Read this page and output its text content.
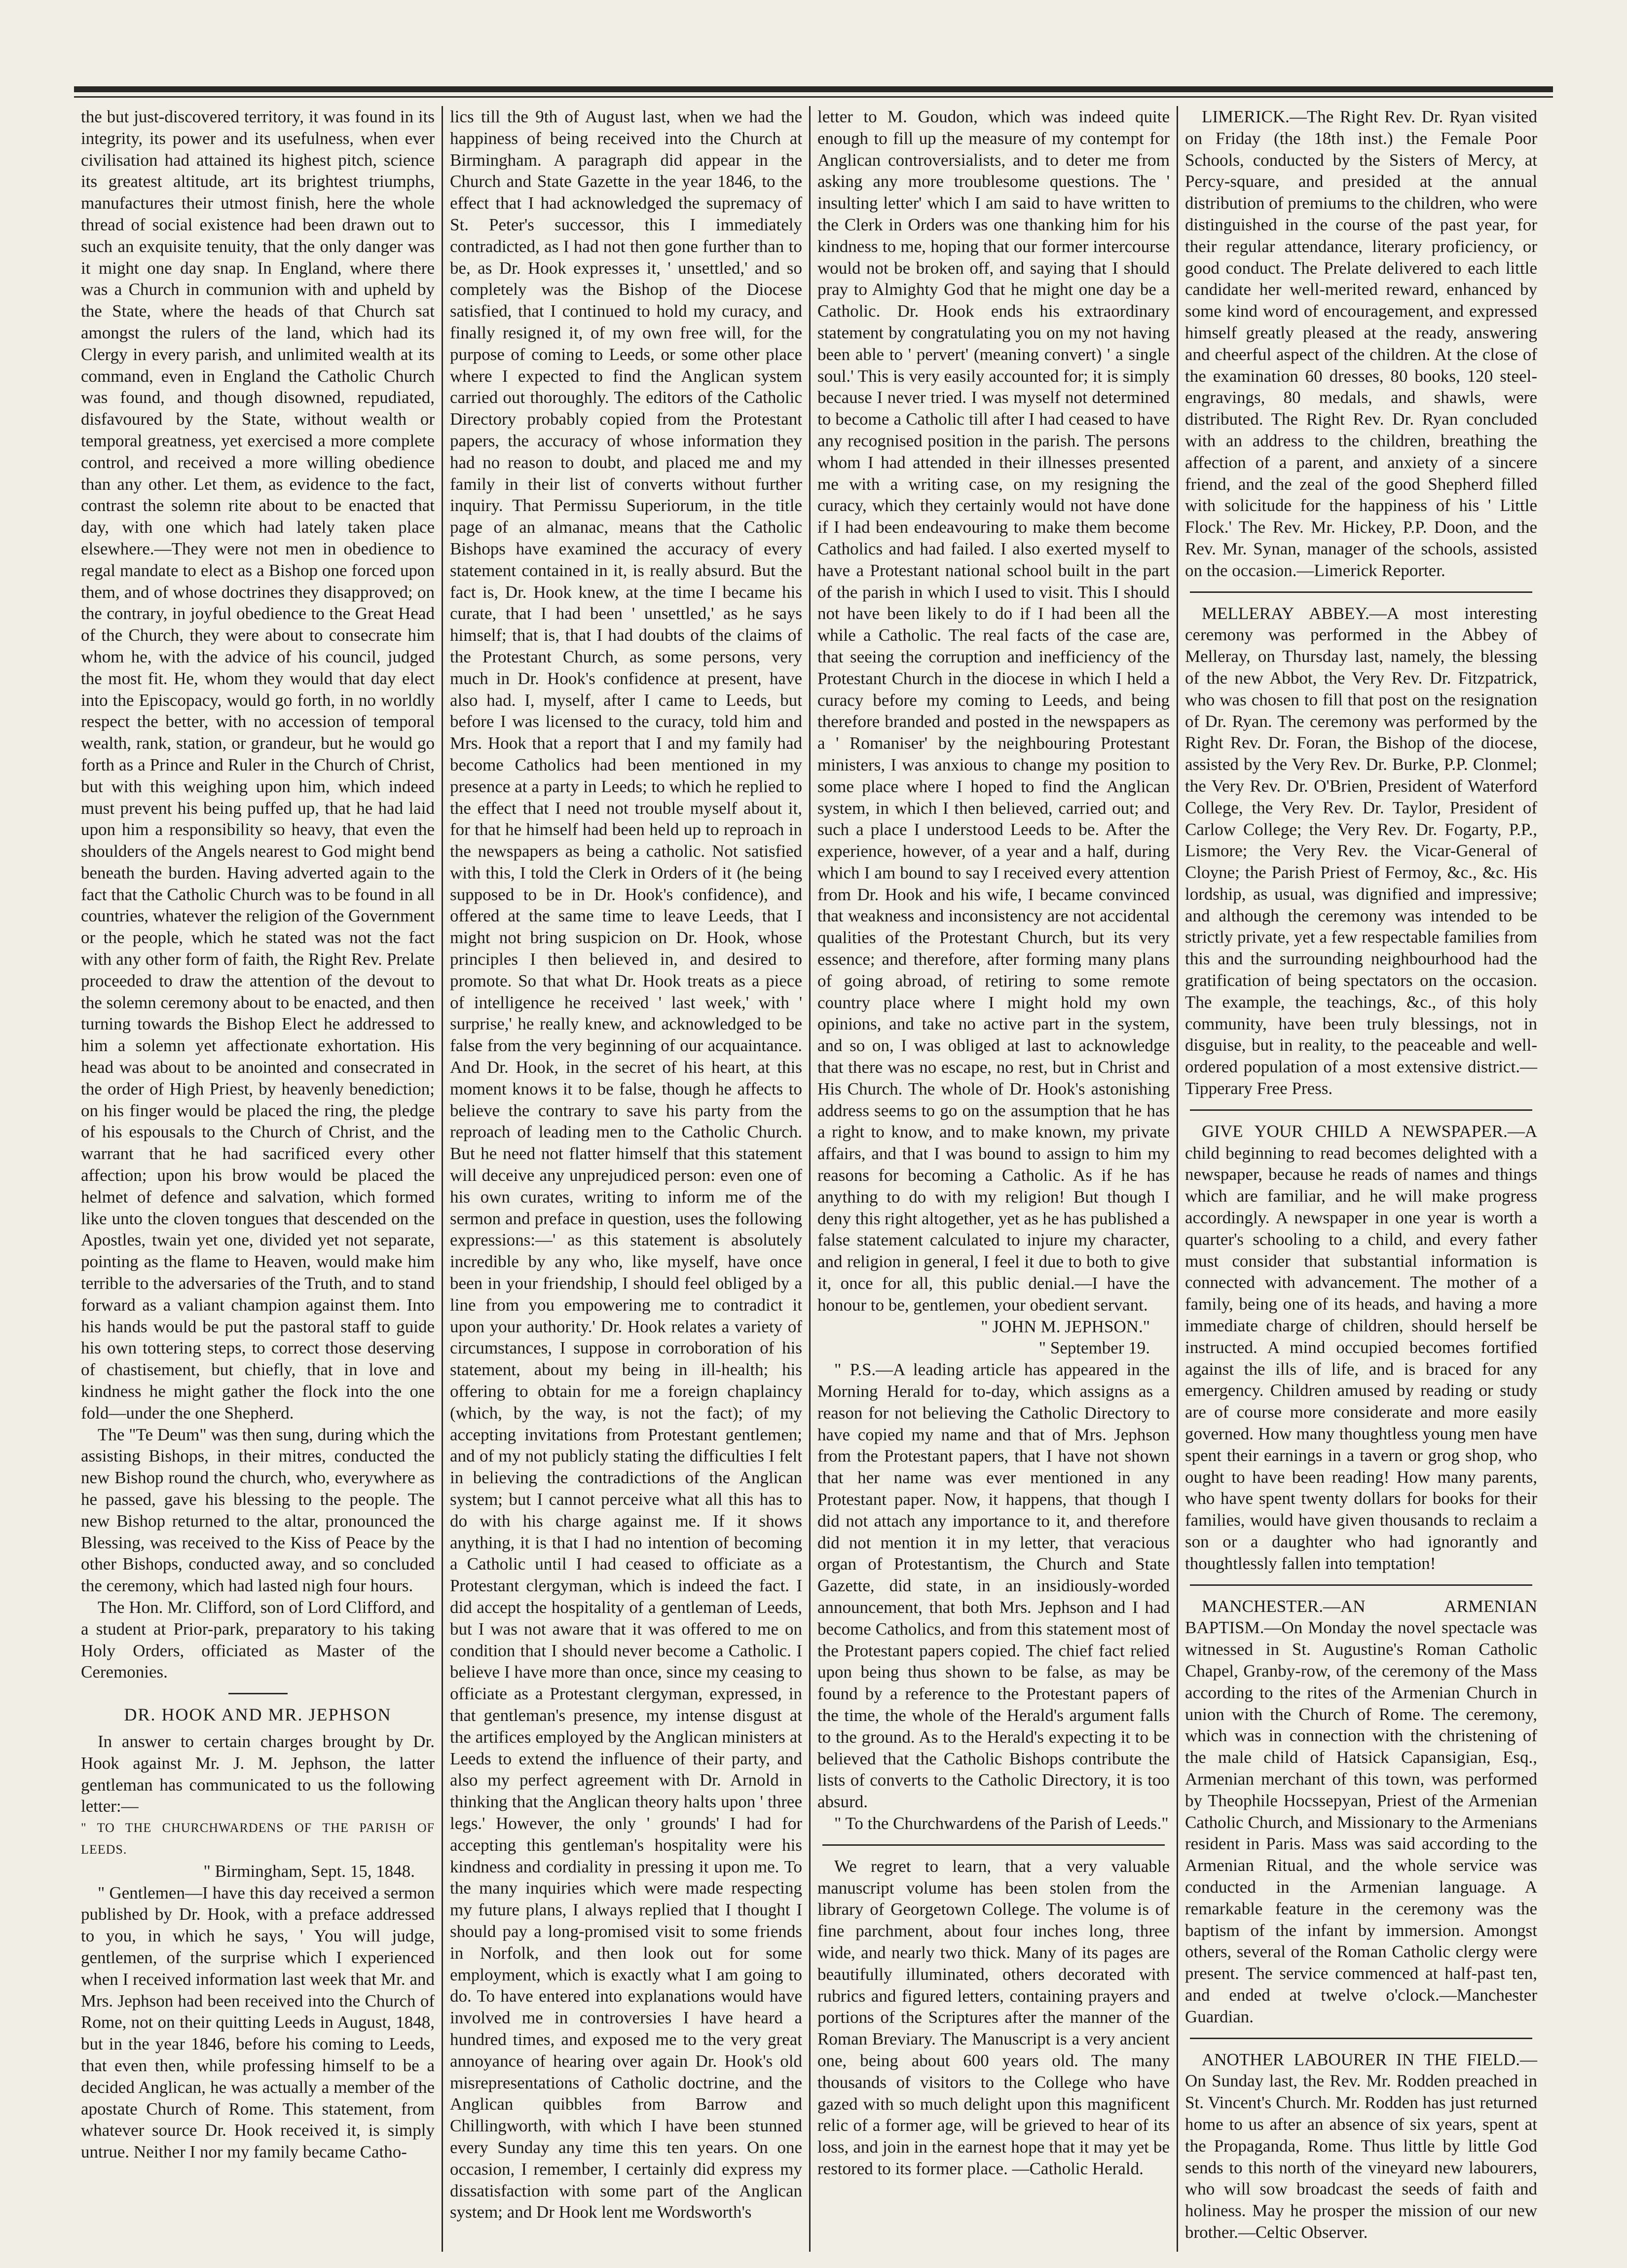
the but just-discovered territory, it was found in its integrity, its power and its usefulness, when ever civilisation had attained its highest pitch, science its greatest altitude, art its brightest triumphs, manufactures their utmost finish, here the whole thread of social existence had been drawn out to such an exquisite tenuity, that the only danger was it might one day snap. In England, where there was a Church in communion with and upheld by the State, where the heads of that Church sat amongst the rulers of the land, which had its Clergy in every parish, and unlimited wealth at its command, even in England the Catholic Church was found, and though disowned, repudiated, disfavoured by the State, without wealth or temporal greatness, yet exercised a more complete control, and received a more willing obedience than any other. Let them, as evidence to the fact, contrast the solemn rite about to be enacted that day, with one which had lately taken place elsewhere.—They were not men in obedience to regal mandate to elect as a Bishop one forced upon them, and of whose doctrines they disapproved; on the contrary, in joyful obedience to the Great Head of the Church, they were about to consecrate him whom he, with the advice of his council, judged the most fit. He, whom they would that day elect into the Episcopacy, would go forth, in no worldly respect the better, with no accession of temporal wealth, rank, station, or grandeur, but he would go forth as a Prince and Ruler in the Church of Christ, but with this weighing upon him, which indeed must prevent his being puffed up, that he had laid upon him a responsibility so heavy, that even the shoulders of the Angels nearest to God might bend beneath the burden. Having adverted again to the fact that the Catholic Church was to be found in all countries, whatever the religion of the Government or the people, which he stated was not the fact with any other form of faith, the Right Rev. Prelate proceeded to draw the attention of the devout to the solemn ceremony about to be enacted, and then turning towards the Bishop Elect he addressed to him a solemn yet affectionate exhortation. His head was about to be anointed and consecrated in the order of High Priest, by heavenly benediction; on his finger would be placed the ring, the pledge of his espousals to the Church of Christ, and the warrant that he had sacrificed every other affection; upon his brow would be placed the helmet of defence and salvation, which formed like unto the cloven tongues that descended on the Apostles, twain yet one, divided yet not separate, pointing as the flame to Heaven, would make him terrible to the adversaries of the Truth, and to stand forward as a valiant champion against them. Into his hands would be put the pastoral staff to guide his own tottering steps, to correct those deserving of chastisement, but chiefly, that in love and kindness he might gather the flock into the one fold—under the one Shepherd.

The "Te Deum" was then sung, during which the assisting Bishops, in their mitres, conducted the new Bishop round the church, who, everywhere as he passed, gave his blessing to the people. The new Bishop returned to the altar, pronounced the Blessing, was received to the Kiss of Peace by the other Bishops, conducted away, and so concluded the ceremony, which had lasted nigh four hours.

The Hon. Mr. Clifford, son of Lord Clifford, and a student at Prior-park, preparatory to his taking Holy Orders, officiated as Master of the Ceremonies.

DR. HOOK AND MR. JEPHSON

In answer to certain charges brought by Dr. Hook against Mr. J. M. Jephson, the latter gentleman has communicated to us the following letter:—

" TO THE CHURCHWARDENS OF THE PARISH OF LEEDS.

" Birmingham, Sept. 15, 1848.

" Gentlemen—I have this day received a sermon published by Dr. Hook, with a preface addressed to you, in which he says, ' You will judge, gentlemen, of the surprise which I experienced when I received information last week that Mr. and Mrs. Jephson had been received into the Church of Rome, not on their quitting Leeds in August, 1848, but in the year 1846, before his coming to Leeds, that even then, while professing himself to be a decided Anglican, he was actually a member of the apostate Church of Rome. This statement, from whatever source Dr. Hook received it, is simply untrue. Neither I nor my family became Catho-

lics till the 9th of August last, when we had the happiness of being received into the Church at Birmingham. A paragraph did appear in the Church and State Gazette in the year 1846, to the effect that I had acknowledged the supremacy of St. Peter's successor, this I immediately contradicted, as I had not then gone further than to be, as Dr. Hook expresses it, ' unsettled,' and so completely was the Bishop of the Diocese satisfied, that I continued to hold my curacy, and finally resigned it, of my own free will, for the purpose of coming to Leeds, or some other place where I expected to find the Anglican system carried out thoroughly. The editors of the Catholic Directory probably copied from the Protestant papers, the accuracy of whose information they had no reason to doubt, and placed me and my family in their list of converts without further inquiry. That Permissu Superiorum, in the title page of an almanac, means that the Catholic Bishops have examined the accuracy of every statement contained in it, is really absurd. But the fact is, Dr. Hook knew, at the time I became his curate, that I had been ' unsettled,' as he says himself; that is, that I had doubts of the claims of the Protestant Church, as some persons, very much in Dr. Hook's confidence at present, have also had. I, myself, after I came to Leeds, but before I was licensed to the curacy, told him and Mrs. Hook that a report that I and my family had become Catholics had been mentioned in my presence at a party in Leeds; to which he replied to the effect that I need not trouble myself about it, for that he himself had been held up to reproach in the newspapers as being a catholic. Not satisfied with this, I told the Clerk in Orders of it (he being supposed to be in Dr. Hook's confidence), and offered at the same time to leave Leeds, that I might not bring suspicion on Dr. Hook, whose principles I then believed in, and desired to promote. So that what Dr. Hook treats as a piece of intelligence he received ' last week,' with ' surprise,' he really knew, and acknowledged to be false from the very beginning of our acquaintance. And Dr. Hook, in the secret of his heart, at this moment knows it to be false, though he affects to believe the contrary to save his party from the reproach of leading men to the Catholic Church. But he need not flatter himself that this statement will deceive any unprejudiced person: even one of his own curates, writing to inform me of the sermon and preface in question, uses the following expressions:—' as this statement is absolutely incredible by any who, like myself, have once been in your friendship, I should feel obliged by a line from you empowering me to contradict it upon your authority.' Dr. Hook relates a variety of circumstances, I suppose in corroboration of his statement, about my being in ill-health; his offering to obtain for me a foreign chaplaincy (which, by the way, is not the fact); of my accepting invitations from Protestant gentlemen; and of my not publicly stating the difficulties I felt in believing the contradictions of the Anglican system; but I cannot perceive what all this has to do with his charge against me. If it shows anything, it is that I had no intention of becoming a Catholic until I had ceased to officiate as a Protestant clergyman, which is indeed the fact. I did accept the hospitality of a gentleman of Leeds, but I was not aware that it was offered to me on condition that I should never become a Catholic. I believe I have more than once, since my ceasing to officiate as a Protestant clergyman, expressed, in that gentleman's presence, my intense disgust at the artifices employed by the Anglican ministers at Leeds to extend the influence of their party, and also my perfect agreement with Dr. Arnold in thinking that the Anglican theory halts upon ' three legs.' However, the only ' grounds' I had for accepting this gentleman's hospitality were his kindness and cordiality in pressing it upon me. To the many inquiries which were made respecting my future plans, I always replied that I thought I should pay a long-promised visit to some friends in Norfolk, and then look out for some employment, which is exactly what I am going to do. To have entered into explanations would have involved me in controversies I have heard a hundred times, and exposed me to the very great annoyance of hearing over again Dr. Hook's old misrepresentations of Catholic doctrine, and the Anglican quibbles from Barrow and Chillingworth, with which I have been stunned every Sunday any time this ten years. On one occasion, I remember, I certainly did express my dissatisfaction with some part of the Anglican system; and Dr Hook lent me Wordsworth's

letter to M. Goudon, which was indeed quite enough to fill up the measure of my contempt for Anglican controversialists, and to deter me from asking any more troublesome questions. The ' insulting letter' which I am said to have written to the Clerk in Orders was one thanking him for his kindness to me, hoping that our former intercourse would not be broken off, and saying that I should pray to Almighty God that he might one day be a Catholic. Dr. Hook ends his extraordinary statement by congratulating you on my not having been able to ' pervert' (meaning convert) ' a single soul.' This is very easily accounted for; it is simply because I never tried. I was myself not determined to become a Catholic till after I had ceased to have any recognised position in the parish. The persons whom I had attended in their illnesses presented me with a writing case, on my resigning the curacy, which they certainly would not have done if I had been endeavouring to make them become Catholics and had failed. I also exerted myself to have a Protestant national school built in the part of the parish in which I used to visit. This I should not have been likely to do if I had been all the while a Catholic. The real facts of the case are, that seeing the corruption and inefficiency of the Protestant Church in the diocese in which I held a curacy before my coming to Leeds, and being therefore branded and posted in the newspapers as a ' Romaniser' by the neighbouring Protestant ministers, I was anxious to change my position to some place where I hoped to find the Anglican system, in which I then believed, carried out; and such a place I understood Leeds to be. After the experience, however, of a year and a half, during which I am bound to say I received every attention from Dr. Hook and his wife, I became convinced that weakness and inconsistency are not accidental qualities of the Protestant Church, but its very essence; and therefore, after forming many plans of going abroad, of retiring to some remote country place where I might hold my own opinions, and take no active part in the system, and so on, I was obliged at last to acknowledge that there was no escape, no rest, but in Christ and His Church. The whole of Dr. Hook's astonishing address seems to go on the assumption that he has a right to know, and to make known, my private affairs, and that I was bound to assign to him my reasons for becoming a Catholic. As if he has anything to do with my religion! But though I deny this right altogether, yet as he has published a false statement calculated to injure my character, and religion in general, I feel it due to both to give it, once for all, this public denial.—I have the honour to be, gentlemen, your obedient servant.

" JOHN M. JEPHSON."

" September 19.

" P.S.—A leading article has appeared in the Morning Herald for to-day, which assigns as a reason for not believing the Catholic Directory to have copied my name and that of Mrs. Jephson from the Protestant papers, that I have not shown that her name was ever mentioned in any Protestant paper. Now, it happens, that though I did not attach any importance to it, and therefore did not mention it in my letter, that veracious organ of Protestantism, the Church and State Gazette, did state, in an insidiously-worded announcement, that both Mrs. Jephson and I had become Catholics, and from this statement most of the Protestant papers copied. The chief fact relied upon being thus shown to be false, as may be found by a reference to the Protestant papers of the time, the whole of the Herald's argument falls to the ground. As to the Herald's expecting it to be believed that the Catholic Bishops contribute the lists of converts to the Catholic Directory, it is too absurd.

" To the Churchwardens of the Parish of Leeds."

We regret to learn, that a very valuable manuscript volume has been stolen from the library of Georgetown College. The volume is of fine parchment, about four inches long, three wide, and nearly two thick. Many of its pages are beautifully illuminated, others decorated with rubrics and figured letters, containing prayers and portions of the Scriptures after the manner of the Roman Breviary. The Manuscript is a very ancient one, being about 600 years old. The many thousands of visitors to the College who have gazed with so much delight upon this magnificent relic of a former age, will be grieved to hear of its loss, and join in the earnest hope that it may yet be restored to its former place. —Catholic Herald.

LIMERICK.—The Right Rev. Dr. Ryan visited on Friday (the 18th inst.) the Female Poor Schools, conducted by the Sisters of Mercy, at Percy-square, and presided at the annual distribution of premiums to the children, who were distinguished in the course of the past year, for their regular attendance, literary proficiency, or good conduct. The Prelate delivered to each little candidate her well-merited reward, enhanced by some kind word of encouragement, and expressed himself greatly pleased at the ready, answering and cheerful aspect of the children. At the close of the examination 60 dresses, 80 books, 120 steel-engravings, 80 medals, and shawls, were distributed. The Right Rev. Dr. Ryan concluded with an address to the children, breathing the affection of a parent, and anxiety of a sincere friend, and the zeal of the good Shepherd filled with solicitude for the happiness of his ' Little Flock.' The Rev. Mr. Hickey, P.P. Doon, and the Rev. Mr. Synan, manager of the schools, assisted on the occasion.—Limerick Reporter.

MELLERAY ABBEY.—A most interesting ceremony was performed in the Abbey of Melleray, on Thursday last, namely, the blessing of the new Abbot, the Very Rev. Dr. Fitzpatrick, who was chosen to fill that post on the resignation of Dr. Ryan. The ceremony was performed by the Right Rev. Dr. Foran, the Bishop of the diocese, assisted by the Very Rev. Dr. Burke, P.P. Clonmel; the Very Rev. Dr. O'Brien, President of Waterford College, the Very Rev. Dr. Taylor, President of Carlow College; the Very Rev. Dr. Fogarty, P.P., Lismore; the Very Rev. the Vicar-General of Cloyne; the Parish Priest of Fermoy, &c., &c. His lordship, as usual, was dignified and impressive; and although the ceremony was intended to be strictly private, yet a few respectable families from this and the surrounding neighbourhood had the gratification of being spectators on the occasion. The example, the teachings, &c., of this holy community, have been truly blessings, not in disguise, but in reality, to the peaceable and well-ordered population of a most extensive district.—Tipperary Free Press.

GIVE YOUR CHILD A NEWSPAPER.—A child beginning to read becomes delighted with a newspaper, because he reads of names and things which are familiar, and he will make progress accordingly. A newspaper in one year is worth a quarter's schooling to a child, and every father must consider that substantial information is connected with advancement. The mother of a family, being one of its heads, and having a more immediate charge of children, should herself be instructed. A mind occupied becomes fortified against the ills of life, and is braced for any emergency. Children amused by reading or study are of course more considerate and more easily governed. How many thoughtless young men have spent their earnings in a tavern or grog shop, who ought to have been reading! How many parents, who have spent twenty dollars for books for their families, would have given thousands to reclaim a son or a daughter who had ignorantly and thoughtlessly fallen into temptation!

MANCHESTER.—AN ARMENIAN BAPTISM.—On Monday the novel spectacle was witnessed in St. Augustine's Roman Catholic Chapel, Granby-row, of the ceremony of the Mass according to the rites of the Armenian Church in union with the Church of Rome. The ceremony, which was in connection with the christening of the male child of Hatsick Capansigian, Esq., Armenian merchant of this town, was performed by Theophile Hocssepyan, Priest of the Armenian Catholic Church, and Missionary to the Armenians resident in Paris. Mass was said according to the Armenian Ritual, and the whole service was conducted in the Armenian language. A remarkable feature in the ceremony was the baptism of the infant by immersion. Amongst others, several of the Roman Catholic clergy were present. The service commenced at half-past ten, and ended at twelve o'clock.—Manchester Guardian.

ANOTHER LABOURER IN THE FIELD.—On Sunday last, the Rev. Mr. Rodden preached in St. Vincent's Church. Mr. Rodden has just returned home to us after an absence of six years, spent at the Propaganda, Rome. Thus little by little God sends to this north of the vineyard new labourers, who will sow broadcast the seeds of faith and holiness. May he prosper the mission of our new brother.—Celtic Observer.
